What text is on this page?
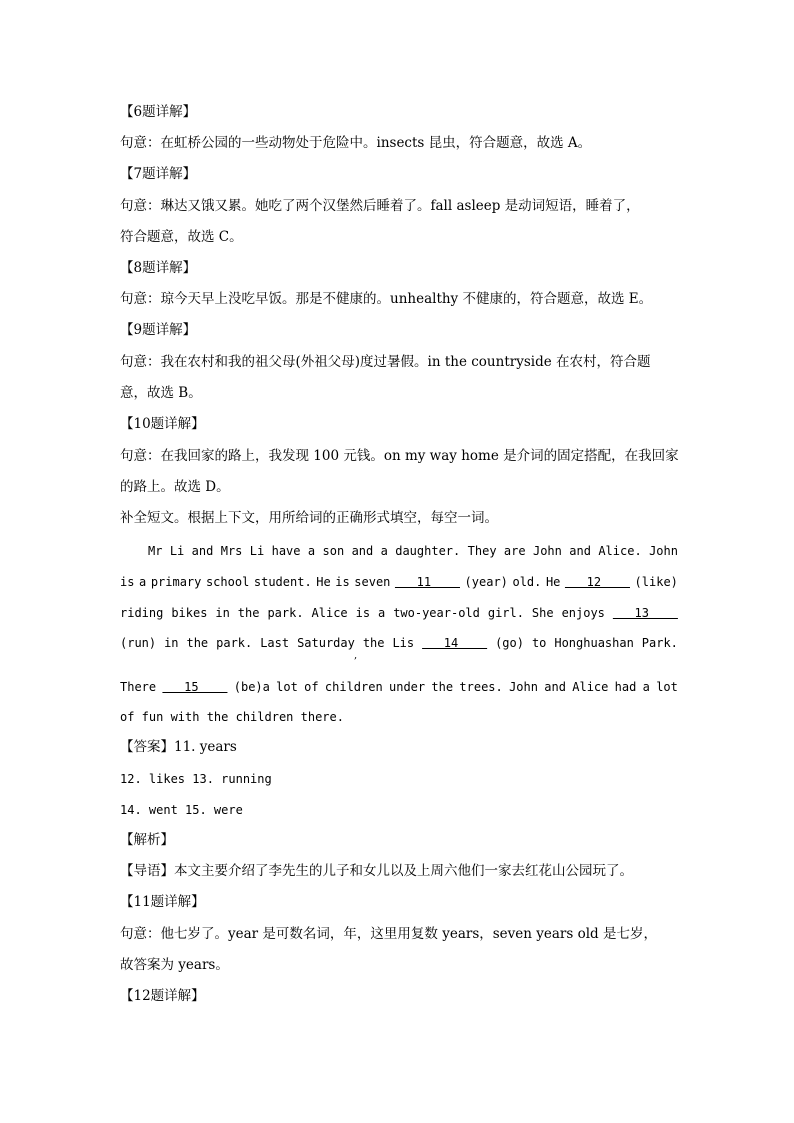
【6题详解】
句意：在虹桥公园的一些动物处于危险中。insects 昆虫，符合题意，故选 A。
【7题详解】
句意：琳达又饿又累。她吃了两个汉堡然后睡着了。fall asleep 是动词短语，睡着了，
符合题意，故选 C。
【8题详解】
句意：琼今天早上没吃早饭。那是不健康的。unhealthy 不健康的，符合题意，故选 E。
【9题详解】
句意：我在农村和我的祖父母(外祖父母)度过暑假。in the countryside 在农村，符合题
意，故选 B。
【10题详解】
句意：在我回家的路上，我发现 100 元钱。on my way home 是介词的固定搭配，在我回家
的路上。故选 D。
补全短文。根据上下文，用所给词的正确形式填空，每空一词。
Mr Li and Mrs Li have a son and a daughter. They are John and Alice. John
is a primary school student. He is seven 11 (year) old. He 12 (like)
riding bikes in the park. Alice is a two-year-old girl. She enjoys 13
(run) in the park. Last Saturday the Lis 14 (go) to Honghuashan Park.
There 15 (be)a lot of children under the trees. John and Alice had a lot
of fun with the children there.
,
【答案】11. years
12. likes 13. running
14. went 15. were
【解析】
【导语】本文主要介绍了李先生的儿子和女儿以及上周六他们一家去红花山公园玩了。
【11题详解】
句意：他七岁了。year 是可数名词，年，这里用复数 years，seven years old 是七岁，
故答案为 years。
【12题详解】
